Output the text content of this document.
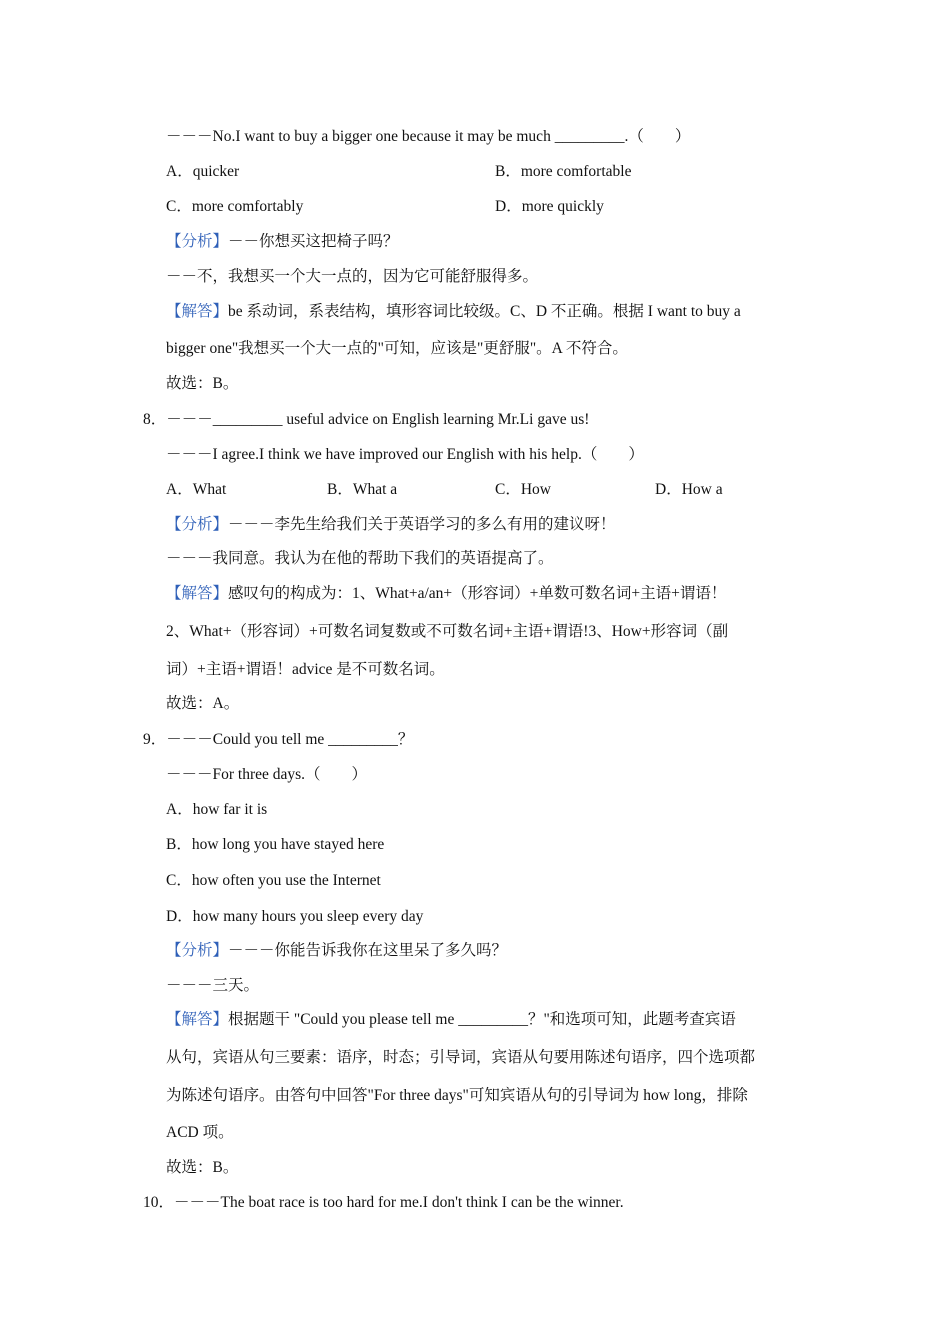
－－－No.I want to buy a bigger one because it may be much _________.（　　）
A．quicker	B．more comfortable
C．more comfortably	D．more quickly
【分析】－－你想买这把椅子吗？
－－不，我想买一个大一点的，因为它可能舒服得多。
【解答】be 系动词，系表结构，填形容词比较级。C、D 不正确。根据 I want to buy a
bigger one"我想买一个大一点的"可知，应该是"更舒服"。A 不符合。
故选：B。
8．－－－_________ useful advice on English learning Mr.Li gave us!
－－－I agree.I think we have improved our English with his help.（　　）
A．What	B．What a	C．How	D．How a
【分析】－－－李先生给我们关于英语学习的多么有用的建议呀！
－－－我同意。我认为在他的帮助下我们的英语提高了。
【解答】感叹句的构成为：1、What+a/an+（形容词）+单数可数名词+主语+谓语！
2、What+（形容词）+可数名词复数或不可数名词+主语+谓语!3、How+形容词（副
词）+主语+谓语！advice 是不可数名词。
故选：A。
9．－－－Could you tell me _________？
－－－For three days.（　　）
A．how far it is
B．how long you have stayed here
C．how often you use the Internet
D．how many hours you sleep every day
【分析】－－－你能告诉我你在这里呆了多久吗？
－－－三天。
【解答】根据题干 "Could you please tell me _________？"和选项可知，此题考查宾语
从句，宾语从句三要素：语序，时态；引导词，宾语从句要用陈述句语序，四个选项都
为陈述句语序。由答句中回答"For three days"可知宾语从句的引导词为 how long，排除
ACD 项。
故选：B。
10．－－－The boat race is too hard for me.I don't think I can be the winner.
